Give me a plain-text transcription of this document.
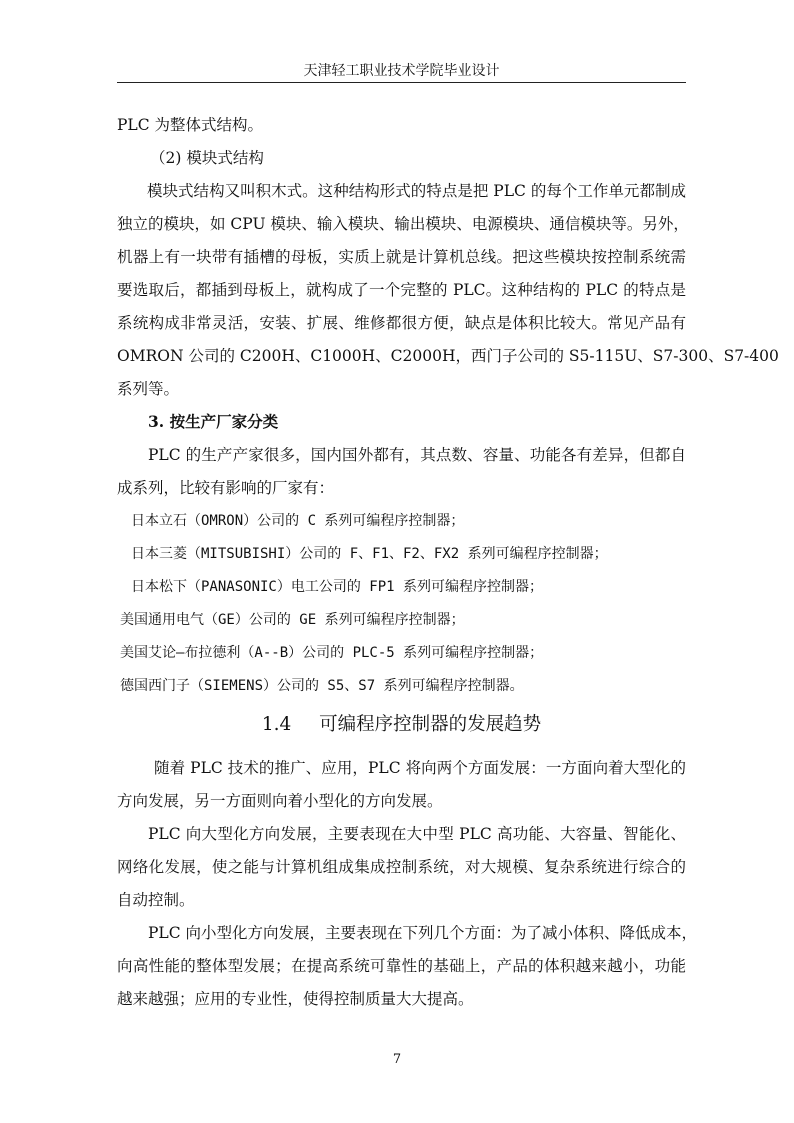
天津轻工职业技术学院毕业设计
PLC 为整体式结构。
（2) 模块式结构
模块式结构又叫积木式。这种结构形式的特点是把 PLC 的每个工作单元都制成
独立的模块，如 CPU 模块、输入模块、输出模块、电源模块、通信模块等。另外，
机器上有一块带有插槽的母板，实质上就是计算机总线。把这些模块按控制系统需
要选取后，都插到母板上，就构成了一个完整的 PLC。这种结构的 PLC 的特点是
系统构成非常灵活，安装、扩展、维修都很方便，缺点是体积比较大。常见产品有
OMRON 公司的 C200H、C1000H、C2000H，西门子公司的 S5-115U、S7-300、S7-400
系列等。
3. 按生产厂家分类
PLC 的生产产家很多，国内国外都有，其点数、容量、功能各有差异，但都自
成系列，比较有影响的厂家有：
日本立石（OMRON）公司的 C 系列可编程序控制器；
日本三菱（MITSUBISHI）公司的 F、F1、F2、FX2 系列可编程序控制器；
日本松下（PANASONIC）电工公司的 FP1 系列可编程序控制器；
美国通用电气（GE）公司的 GE 系列可编程序控制器；
美国艾论—布拉德利（A--B）公司的 PLC-5 系列可编程序控制器；
德国西门子（SIEMENS）公司的 S5、S7 系列可编程序控制器。
1.4 可编程序控制器的发展趋势
随着 PLC 技术的推广、应用，PLC 将向两个方面发展：一方面向着大型化的
方向发展，另一方面则向着小型化的方向发展。
PLC 向大型化方向发展，主要表现在大中型 PLC 高功能、大容量、智能化、
网络化发展，使之能与计算机组成集成控制系统，对大规模、复杂系统进行综合的
自动控制。
PLC 向小型化方向发展，主要表现在下列几个方面：为了减小体积、降低成本，
向高性能的整体型发展；在提高系统可靠性的基础上，产品的体积越来越小，功能
越来越强；应用的专业性，使得控制质量大大提高。
7
